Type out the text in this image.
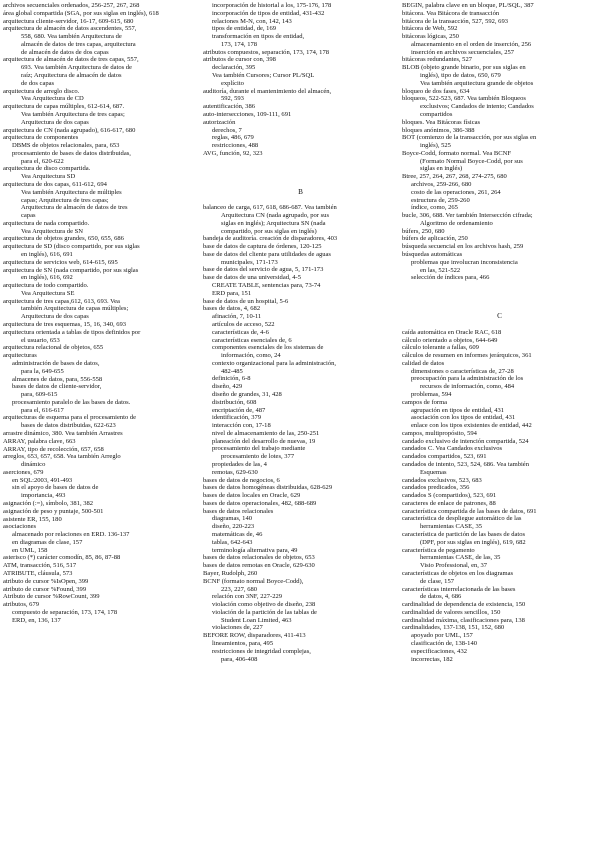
archivos secuenciales ordenados, 256-257, 267, 268
área global compartida (SGA, por sus siglas en inglés), 618
arquitectura cliente-servidor, 16-17, 609-615, 680
arquitectura de almacén de datos ascendentes, 557,
558, 680. Vea también Arquitectura de
almacén de datos de tres capas, arquitectura
de almacén de datos de dos capas
arquitectura de almacén de datos de tres capas, 557,
693. Vea también Arquitectura de datos de
raíz; Arquitectura de almacén de datos
de dos capas
arquitectura de arreglo disco.
Vea Arquitectura de CD
arquitectura de capas múltiples, 612-614, 687.
Vea también Arquitectura de tres capas;
Arquitectura de dos capas
arquitectura de CN (nada agrupado), 616-617, 680
arquitectura de componentes
DBMS de objetos relacionales, para, 653
procesamiento de bases de datos distribuidas,
para el, 620-622
arquitectura de disco compartida.
Vea Arquitectura SD
arquitectura de dos capas, 611-612, 694
Vea también Arquitectura de múltiples
capas; Arquitectura de tres capas;
Arquitectura de almacén de datos de tres
capas
arquitectura de nada compartido.
Vea Arquitectura de SN
arquitectura de objetos grandes, 650, 655, 686
arquitectura de SD (disco compartido, por sus siglas
en inglés), 616, 691
arquitectura de servicios web, 614-615, 695
arquitectura de SN (nada compartido, por sus siglas
en inglés), 616, 692
arquitectura de todo compartido.
Vea Arquitectura SE
arquitectura de tres capas,612, 613, 693. Vea
también Arquitectura de capas múltiples;
Arquitectura de dos capas
arquitectura de tres esquemas, 15, 16, 340, 693
arquitectura orientada a tablas de tipos definidos por
el usuario, 653
arquitectura relacional de objetos, 655
arquitecturas
administración de bases de datos,
para la, 649-655
almacenes de datos, para, 556-558
bases de datos de cliente-servidor,
para, 609-615
procesamiento paralelo de las bases de datos.
para el, 616-617
arquitecturas de esquema para el procesamiento de
bases de datos distribuidas, 622-623
arrastre dinámico, 380. Vea también Arrastres
ARRAY, palabra clave, 663
ARRAY, tipo de recolección, 657, 658
arreglos, 653, 657, 658. Vea también Arreglo
dinámico
aserciones, 679
en SQL:2003, 491-493
sin el apoyo de bases de datos de
importancia, 493
asignación (:=), símbolo, 381, 382
asignación de peso y puntaje, 500-501
asistente ER, 155, 180
asociaciones
almacenado por relaciones en ERD. 136-137
en diagramas de clase, 157
en UML, 158
asterisco (*) carácter comodín, 85, 86, 87-88
ATM, transacción, 516, 517
ATRIBUTE, cláusula, 573
atributo de cursor %IsOpen, 399
atributo de cursor %Found, 399
Atributo de cursor %RowCount, 399
atributos, 679
compuesto de separación, 173, 174, 178
ERD, en, 136, 137
incorporación de historial a los, 175-176, 178
incorporación de tipos de entidad, 431-432
relaciones M-N, con, 142, 143
tipos de entidad, de, 169
transformación en tipos de entidad,
173, 174, 178
atributos compuestos, separación, 173, 174, 178
atributos de cursor con, 398
declaración, 395
Vea también Cursores; Cursor PL/SQL
explícito
auditoría, durante el mantenimiento del almacén,
592, 593
autentificación, 386
auto-intersecciones, 109-111, 691
autorización
derechos, 7
reglas, 486, 679
restricciones, 488
AVG, función, 92, 323
B
balanceo de carga, 617, 618, 686-687. Vea también
Arquitectura CN (nada agrupado, por sus
siglas en inglés); Arquitectura SN (nada
compartido, por sus siglas en inglés)
bandeja de auditoría. creación de disparadores, 403
base de datos de captura de órdenes, 120-125
base de datos del cliente para utilidades de aguas
municipales, 171-173
base de datos del servicio de agua, 5, 171-173
base de datos de una universidad, 4-5
CREATE TABLE, sentencias para, 73-74
ERD para, 151
base de datos de un hospital, 5-6
bases de datos, 4, 682
afinación, 7, 10-11
artículos de acceso, 522
características de, 4-6
características esenciales de, 6
componentes esenciales de los sistemas de
información, como, 24
contexto organizacional para la administración,
482-485
definición, 6-8
diseño, 429
diseño de grandes, 31, 428
distribución, 608
encriptación de, 487
identificación, 379
interacción con, 17-18
nivel de almacenamiento de las, 250-251
planeación del desarrollo de nuevas, 19
procesamiento del trabajo mediante
procesamiento de lotes, 377
propiedades de las, 4
remotas, 629-630
bases de datos de negocios, 6
bases de datos homogéneas distribuidas, 628-629
bases de datos locales en Oracle, 629
bases de datos operacionales, 482, 688-689
bases de datos relacionales
diagramas, 140
diseño, 220-223
matemáticas de, 46
tablas, 642-643
terminología alternativa para, 49
bases de datos relacionales de objetos, 653
bases de datos remotas en Oracle, 629-630
Bayer, Rudolph, 260
BCNF (formato normal Boyce-Codd),
223, 227, 680
relación con 3NF, 227-229
violación como objetivo de diseño, 238
violación de la partición de las tablas de
Student Loan Limited, 463
violaciones de, 227
BEFORE ROW, disparadores, 411-413
lineamientos, para, 495
restricciones de integridad complejas,
para, 406-408
BEGIN, palabra clave en un bloque, PL/SQL, 387
bitácora. Vea Bitácora de transacción
bitácora de la transacción, 527, 592, 693
bitácora de Web, 592
bitácoras lógicas, 250
almacenamiento en el orden de inserción, 256
inserción en archivos secuenciales, 257
bitácoras redundantes, 527
BLOB (objeto grande binario, por sus siglas en
inglés), tipo de datos, 650, 679
Vea también arquitectura grande de objetos
bloqueo de dos fases, 634
bloqueos, 522-523, 687. Vea también Bloqueos
exclusivos; Candados de intento; Candados
compartidos
bloques. Vea Bitácoras físicas
bloques anónimos, 386-388
BOT (comienzo de la transacción, por sus siglas en
inglés), 525
Boyce-Codd, formato normal. Vea BCNF
(Formato Normal Boyce-Codd, por sus
siglas en inglés)
Btree, 257, 264, 267, 268, 274-275, 680
archivos, 259-266, 680
costo de las operaciones, 261, 264
estructura de, 259-260
índice, como, 265
bucle, 306, 688. Ver también Intersección cifrada;
Algoritmo de ordenamiento
búfers, 250, 680
búfers de aplicación, 250
búsqueda secuencial en los archivos hash, 259
búsquedas automáticas
problemas que involucran inconsistencia
en las, 521-522
selección de índices para, 466
C
caída automática en Oracle RAC, 618
cálculo orientado a objetos, 644-649
cálculo tolerante a fallas, 609
cálculos de resumen en informes jerárquicos, 361
calidad de datos
dimensiones o características de, 27-28
preocupación para la administración de los
recursos de información, como, 484
problemas, 594
campos de forma
agrupación en tipos de entidad, 431
asociación con los tipos de entidad, 431
enlace con los tipos existentes de entidad, 442
campos, multipropósito, 594
candado exclusivo de intención compartida, 524
candados C. Vea Candados exclusivos
candados compartidos, 523, 691
candados de intento, 523, 524, 686. Vea también
Esquemas
candados exclusivos, 523, 683
candados predicados, 356
candados S (compartidos), 523, 691
caracteres de enlace de patrones, 88
característica compartida de las bases de datos, 691
característica de despliegue automático de las
herramientas CASE, 35
característica de partición de las bases de datos
(DPF, por sus siglas en inglés), 619, 682
característica de pegamento
herramientas CASE, de las, 35
Visio Professional, en, 37
características de objetos en los diagramas
de clase, 157
características interrelacionada de las bases
de datos, 4, 686
cardinalidad de dependencia de existencia, 150
cardinalidad de valores sencillos, 150
cardinalidad máxima, clasificaciones para, 138
cardinalidades, 137-138, 151, 152, 680
apoyado por UML, 157
clasificación de, 138-140
especificaciones, 432
incorrectas, 182
